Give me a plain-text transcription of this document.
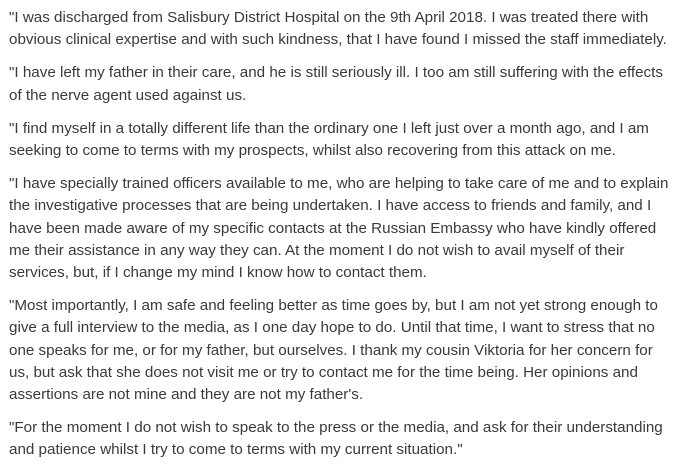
"I was discharged from Salisbury District Hospital on the 9th April 2018. I was treated there with obvious clinical expertise and with such kindness, that I have found I missed the staff immediately.

"I have left my father in their care, and he is still seriously ill. I too am still suffering with the effects of the nerve agent used against us.

"I find myself in a totally different life than the ordinary one I left just over a month ago, and I am seeking to come to terms with my prospects, whilst also recovering from this attack on me.

"I have specially trained officers available to me, who are helping to take care of me and to explain the investigative processes that are being undertaken. I have access to friends and family, and I have been made aware of my specific contacts at the Russian Embassy who have kindly offered me their assistance in any way they can. At the moment I do not wish to avail myself of their services, but, if I change my mind I know how to contact them.

"Most importantly, I am safe and feeling better as time goes by, but I am not yet strong enough to give a full interview to the media, as I one day hope to do. Until that time, I want to stress that no one speaks for me, or for my father, but ourselves. I thank my cousin Viktoria for her concern for us, but ask that she does not visit me or try to contact me for the time being. Her opinions and assertions are not mine and they are not my father's.

"For the moment I do not wish to speak to the press or the media, and ask for their understanding and patience whilst I try to come to terms with my current situation."
